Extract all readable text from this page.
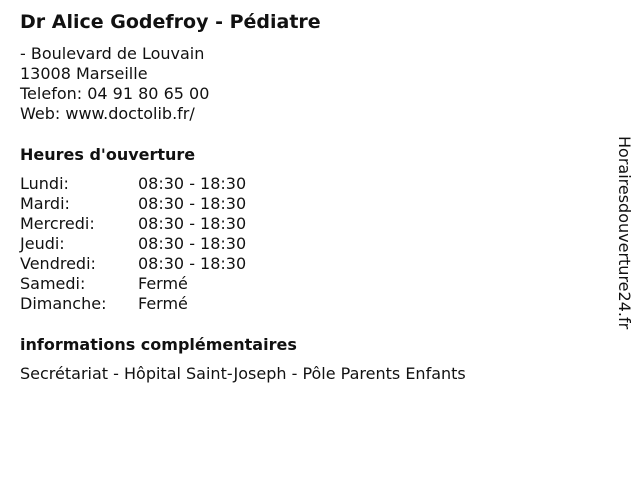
Dr Alice Godefroy - Pédiatre
- Boulevard de Louvain
13008 Marseille
Telefon: 04 91 80 65 00
Web: www.doctolib.fr/
Heures d'ouverture
Lundi:	08:30 - 18:30
Mardi:	08:30 - 18:30
Mercredi:	08:30 - 18:30
Jeudi:	08:30 - 18:30
Vendredi:	08:30 - 18:30
Samedi:	Fermé
Dimanche:	Fermé
informations complémentaires
Secrétariat - Hôpital Saint-Joseph - Pôle Parents Enfants
Horairesdouverture24.fr
